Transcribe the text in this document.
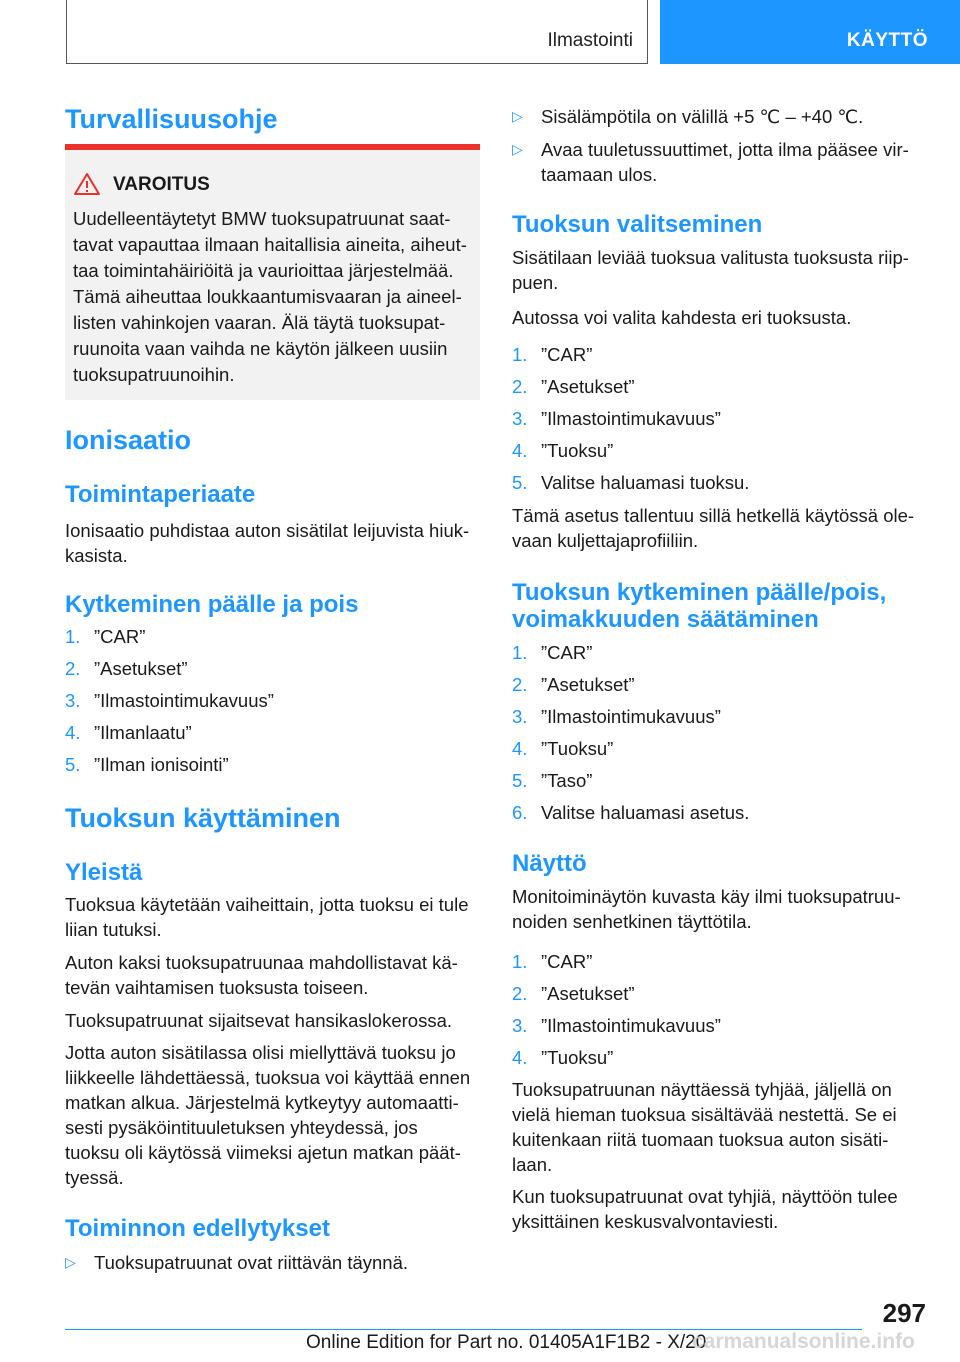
Ilmastointi	KÄYTTÖ
Turvallisuusohje
VAROITUS
Uudelleentäytetyt BMW tuoksupatruunat saat-
tavat vapauttaa ilmaan haitallisia aineita, aiheut-
taa toimintahäiriöitä ja vaurioittaa järjestelmää.
Tämä aiheuttaa loukkaantumisvaaran ja aineel-
listen vahinkojen vaaran. Älä täytä tuoksupat-
ruunoita vaan vaihda ne käytön jälkeen uusiin
tuoksupatruunoihin.
Ionisaatio
Toimintaperiaate
Ionisaatio puhdistaa auton sisätilat leijuvista hiuk-
kasista.
Kytkeminen päälle ja pois
1. ”CAR”
2. ”Asetukset”
3. ”Ilmastointimukavuus”
4. ”Ilmanlaatu”
5. ”Ilman ionisointi”
Tuoksun käyttäminen
Yleistä
Tuoksua käytetään vaiheittain, jotta tuoksu ei tule
liian tutuksi.
Auton kaksi tuoksupatruunaa mahdollistavat kä-
tevän vaihtamisen tuoksusta toiseen.
Tuoksupatruunat sijaitsevat hansikaslokerossa.
Jotta auton sisätilassa olisi miellyttävä tuoksu jo
liikkeelle lähdettäessä, tuoksua voi käyttää ennen
matkan alkua. Järjestelmä kytkeytyy automaatti-
sesti pysäköintituuletuksen yhteydessä, jos
tuoksu oli käytössä viimeksi ajetun matkan päät-
tyessä.
Toiminnon edellytykset
▷ Tuoksupatruunat ovat riittävän täynnä.
▷ Sisälämpötila on välillä +5 ℃ – +40 ℃.
▷ Avaa tuuletussuuttimet, jotta ilma pääsee vir-
taamaan ulos.
Tuoksun valitseminen
Sisätilaan leviää tuoksua valitusta tuoksusta riip-
puen.
Autossa voi valita kahdesta eri tuoksusta.
1. ”CAR”
2. ”Asetukset”
3. ”Ilmastointimukavuus”
4. ”Tuoksu”
5. Valitse haluamasi tuoksu.
Tämä asetus tallentuu sillä hetkellä käytössä ole-
vaan kuljettajaprofiiliin.
Tuoksun kytkeminen päälle/pois,
voimakkuuden säätäminen
1. ”CAR”
2. ”Asetukset”
3. ”Ilmastointimukavuus”
4. ”Tuoksu”
5. ”Taso”
6. Valitse haluamasi asetus.
Näyttö
Monitoiminäytön kuvasta käy ilmi tuoksupatruu-
noiden senhetkinen täyttötila.
1. ”CAR”
2. ”Asetukset”
3. ”Ilmastointimukavuus”
4. ”Tuoksu”
Tuoksupatruunan näyttäessä tyhjää, jäljellä on
vielä hieman tuoksua sisältävää nestettä. Se ei
kuitenkaan riitä tuomaan tuoksua auton sisäti-
laan.
Kun tuoksupatruunat ovat tyhjiä, näyttöön tulee
yksittäinen keskusvalvontaviesti.
297
Online Edition for Part no. 01405A1F1B2 - X/20
carmanualsonline.info
